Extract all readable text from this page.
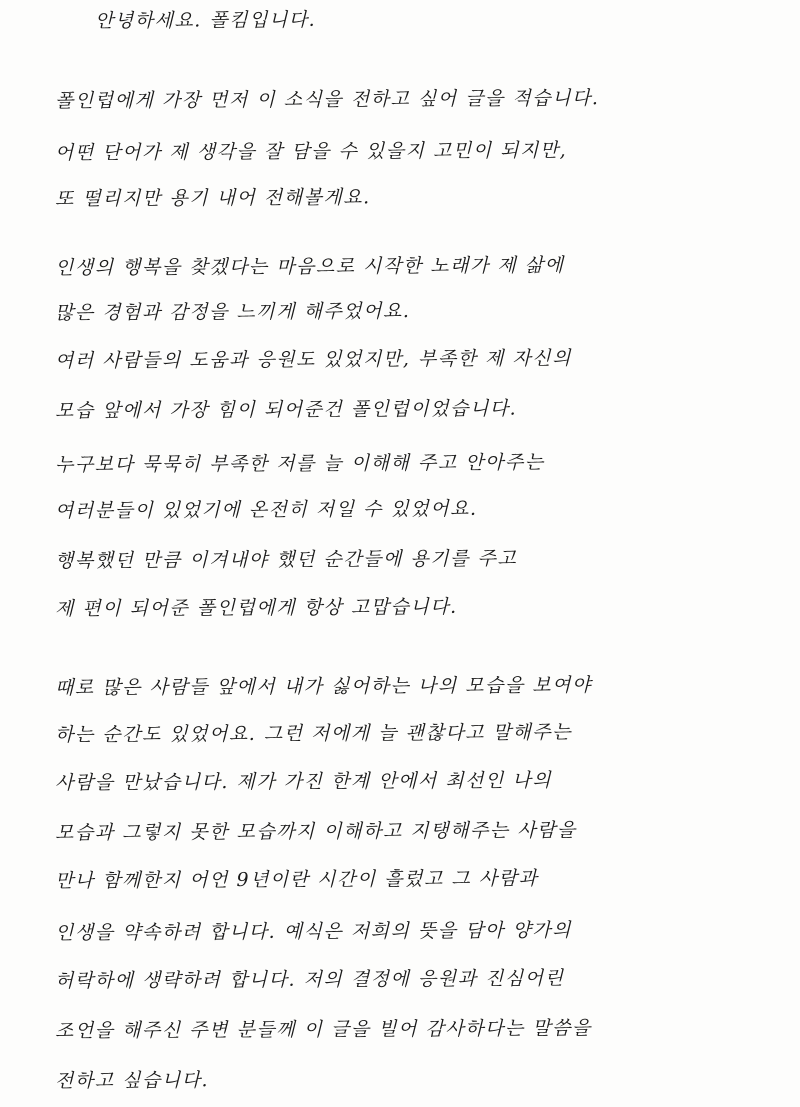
안녕하세요. 폴킴입니다.
폴인럽에게 가장 먼저 이 소식을 전하고 싶어 글을 적습니다.
어떤 단어가 제 생각을 잘 담을 수 있을지 고민이 되지만,
또 떨리지만 용기 내어 전해볼게요.
인생의 행복을 찾겠다는 마음으로 시작한 노래가 제 삶에
많은 경험과 감정을 느끼게 해주었어요.
여러 사람들의 도움과 응원도 있었지만, 부족한 제 자신의
모습 앞에서 가장 힘이 되어준건 폴인럽이었습니다.
누구보다 묵묵히 부족한 저를 늘 이해해 주고 안아주는
여러분들이 있었기에 온전히 저일 수 있었어요.
행복했던 만큼 이겨내야 했던 순간들에 용기를 주고
제 편이 되어준 폴인럽에게 항상 고맙습니다.
때로 많은 사람들 앞에서 내가 싫어하는 나의 모습을 보여야
하는 순간도 있었어요. 그런 저에게 늘 괜찮다고 말해주는
사람을 만났습니다. 제가 가진 한계 안에서 최선인 나의
모습과 그렇지 못한 모습까지 이해하고 지탱해주는 사람을
만나 함께한지 어언 9년이란 시간이 흘렀고 그 사람과
인생을 약속하려 합니다. 예식은 저희의 뜻을 담아 양가의
허락하에 생략하려 합니다. 저의 결정에 응원과 진심어린
조언을 해주신 주변 분들께 이 글을 빌어 감사하다는 말씀을
전하고 싶습니다.
